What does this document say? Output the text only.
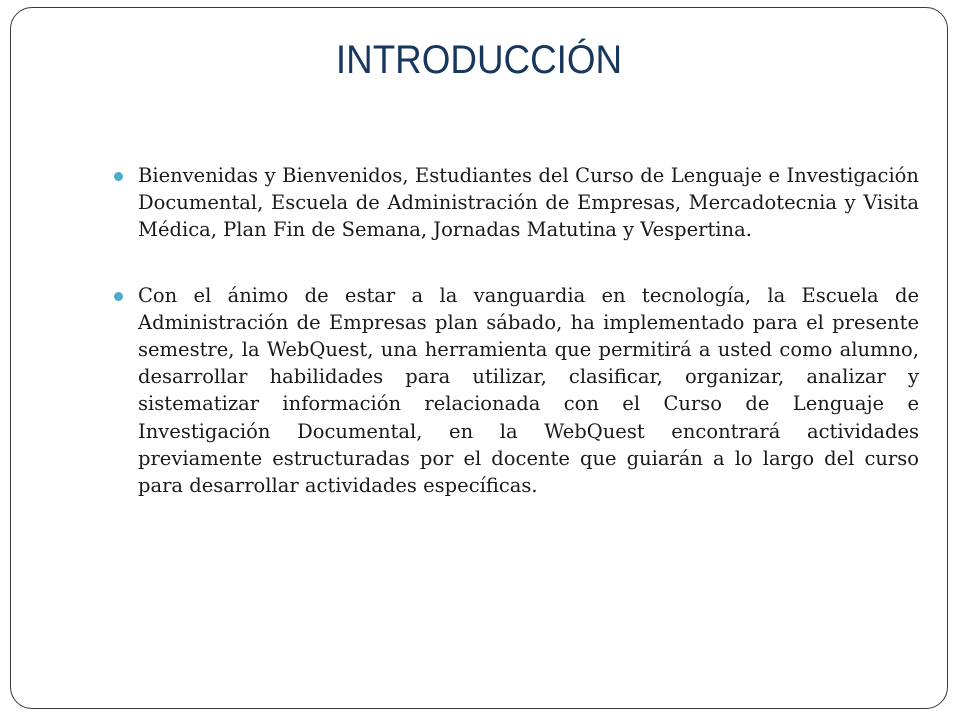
INTRODUCCIÓN
Bienvenidas y Bienvenidos, Estudiantes del Curso de Lenguaje e Investigación Documental, Escuela de Administración de Empresas, Mercadotecnia y Visita Médica, Plan Fin de Semana, Jornadas Matutina y Vespertina.
Con el ánimo de estar a la vanguardia en tecnología, la Escuela de Administración de Empresas plan sábado, ha implementado para el presente semestre, la WebQuest, una herramienta que permitirá a usted como alumno, desarrollar habilidades para utilizar, clasificar, organizar, analizar y sistematizar información relacionada con el Curso de Lenguaje e Investigación Documental, en la WebQuest encontrará actividades previamente estructuradas por el docente que guiarán a lo largo del curso para desarrollar actividades específicas.
